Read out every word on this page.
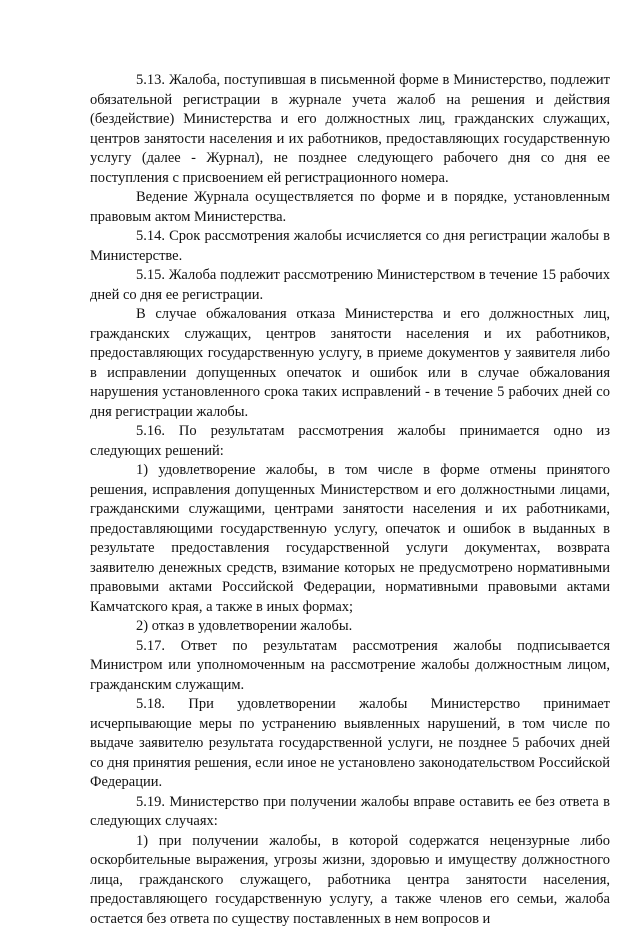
5.13. Жалоба, поступившая в письменной форме в Министерство, подлежит обязательной регистрации в журнале учета жалоб на решения и действия (бездействие) Министерства и его должностных лиц, гражданских служащих, центров занятости населения и их работников, предоставляющих государственную услугу (далее - Журнал), не позднее следующего рабочего дня со дня ее поступления с присвоением ей регистрационного номера.

Ведение Журнала осуществляется по форме и в порядке, установленным правовым актом Министерства.

5.14. Срок рассмотрения жалобы исчисляется со дня регистрации жалобы в Министерстве.

5.15. Жалоба подлежит рассмотрению Министерством в течение 15 рабочих дней со дня ее регистрации.

В случае обжалования отказа Министерства и его должностных лиц, гражданских служащих, центров занятости населения и их работников, предоставляющих государственную услугу, в приеме документов у заявителя либо в исправлении допущенных опечаток и ошибок или в случае обжалования нарушения установленного срока таких исправлений - в течение 5 рабочих дней со дня регистрации жалобы.

5.16. По результатам рассмотрения жалобы принимается одно из следующих решений:

1) удовлетворение жалобы, в том числе в форме отмены принятого решения, исправления допущенных Министерством и его должностными лицами, гражданскими служащими, центрами занятости населения и их работниками, предоставляющими государственную услугу, опечаток и ошибок в выданных в результате предоставления государственной услуги документах, возврата заявителю денежных средств, взимание которых не предусмотрено нормативными правовыми актами Российской Федерации, нормативными правовыми актами Камчатского края, а также в иных формах;

2) отказ в удовлетворении жалобы.

5.17. Ответ по результатам рассмотрения жалобы подписывается Министром или уполномоченным на рассмотрение жалобы должностным лицом, гражданским служащим.

5.18. При удовлетворении жалобы Министерство принимает исчерпывающие меры по устранению выявленных нарушений, в том числе по выдаче заявителю результата государственной услуги, не позднее 5 рабочих дней со дня принятия решения, если иное не установлено законодательством Российской Федерации.

5.19. Министерство при получении жалобы вправе оставить ее без ответа в следующих случаях:

1) при получении жалобы, в которой содержатся нецензурные либо оскорбительные выражения, угрозы жизни, здоровью и имуществу должностного лица, гражданского служащего, работника центра занятости населения, предоставляющего государственную услугу, а также членов его семьи, жалоба остается без ответа по существу поставленных в нем вопросов и
